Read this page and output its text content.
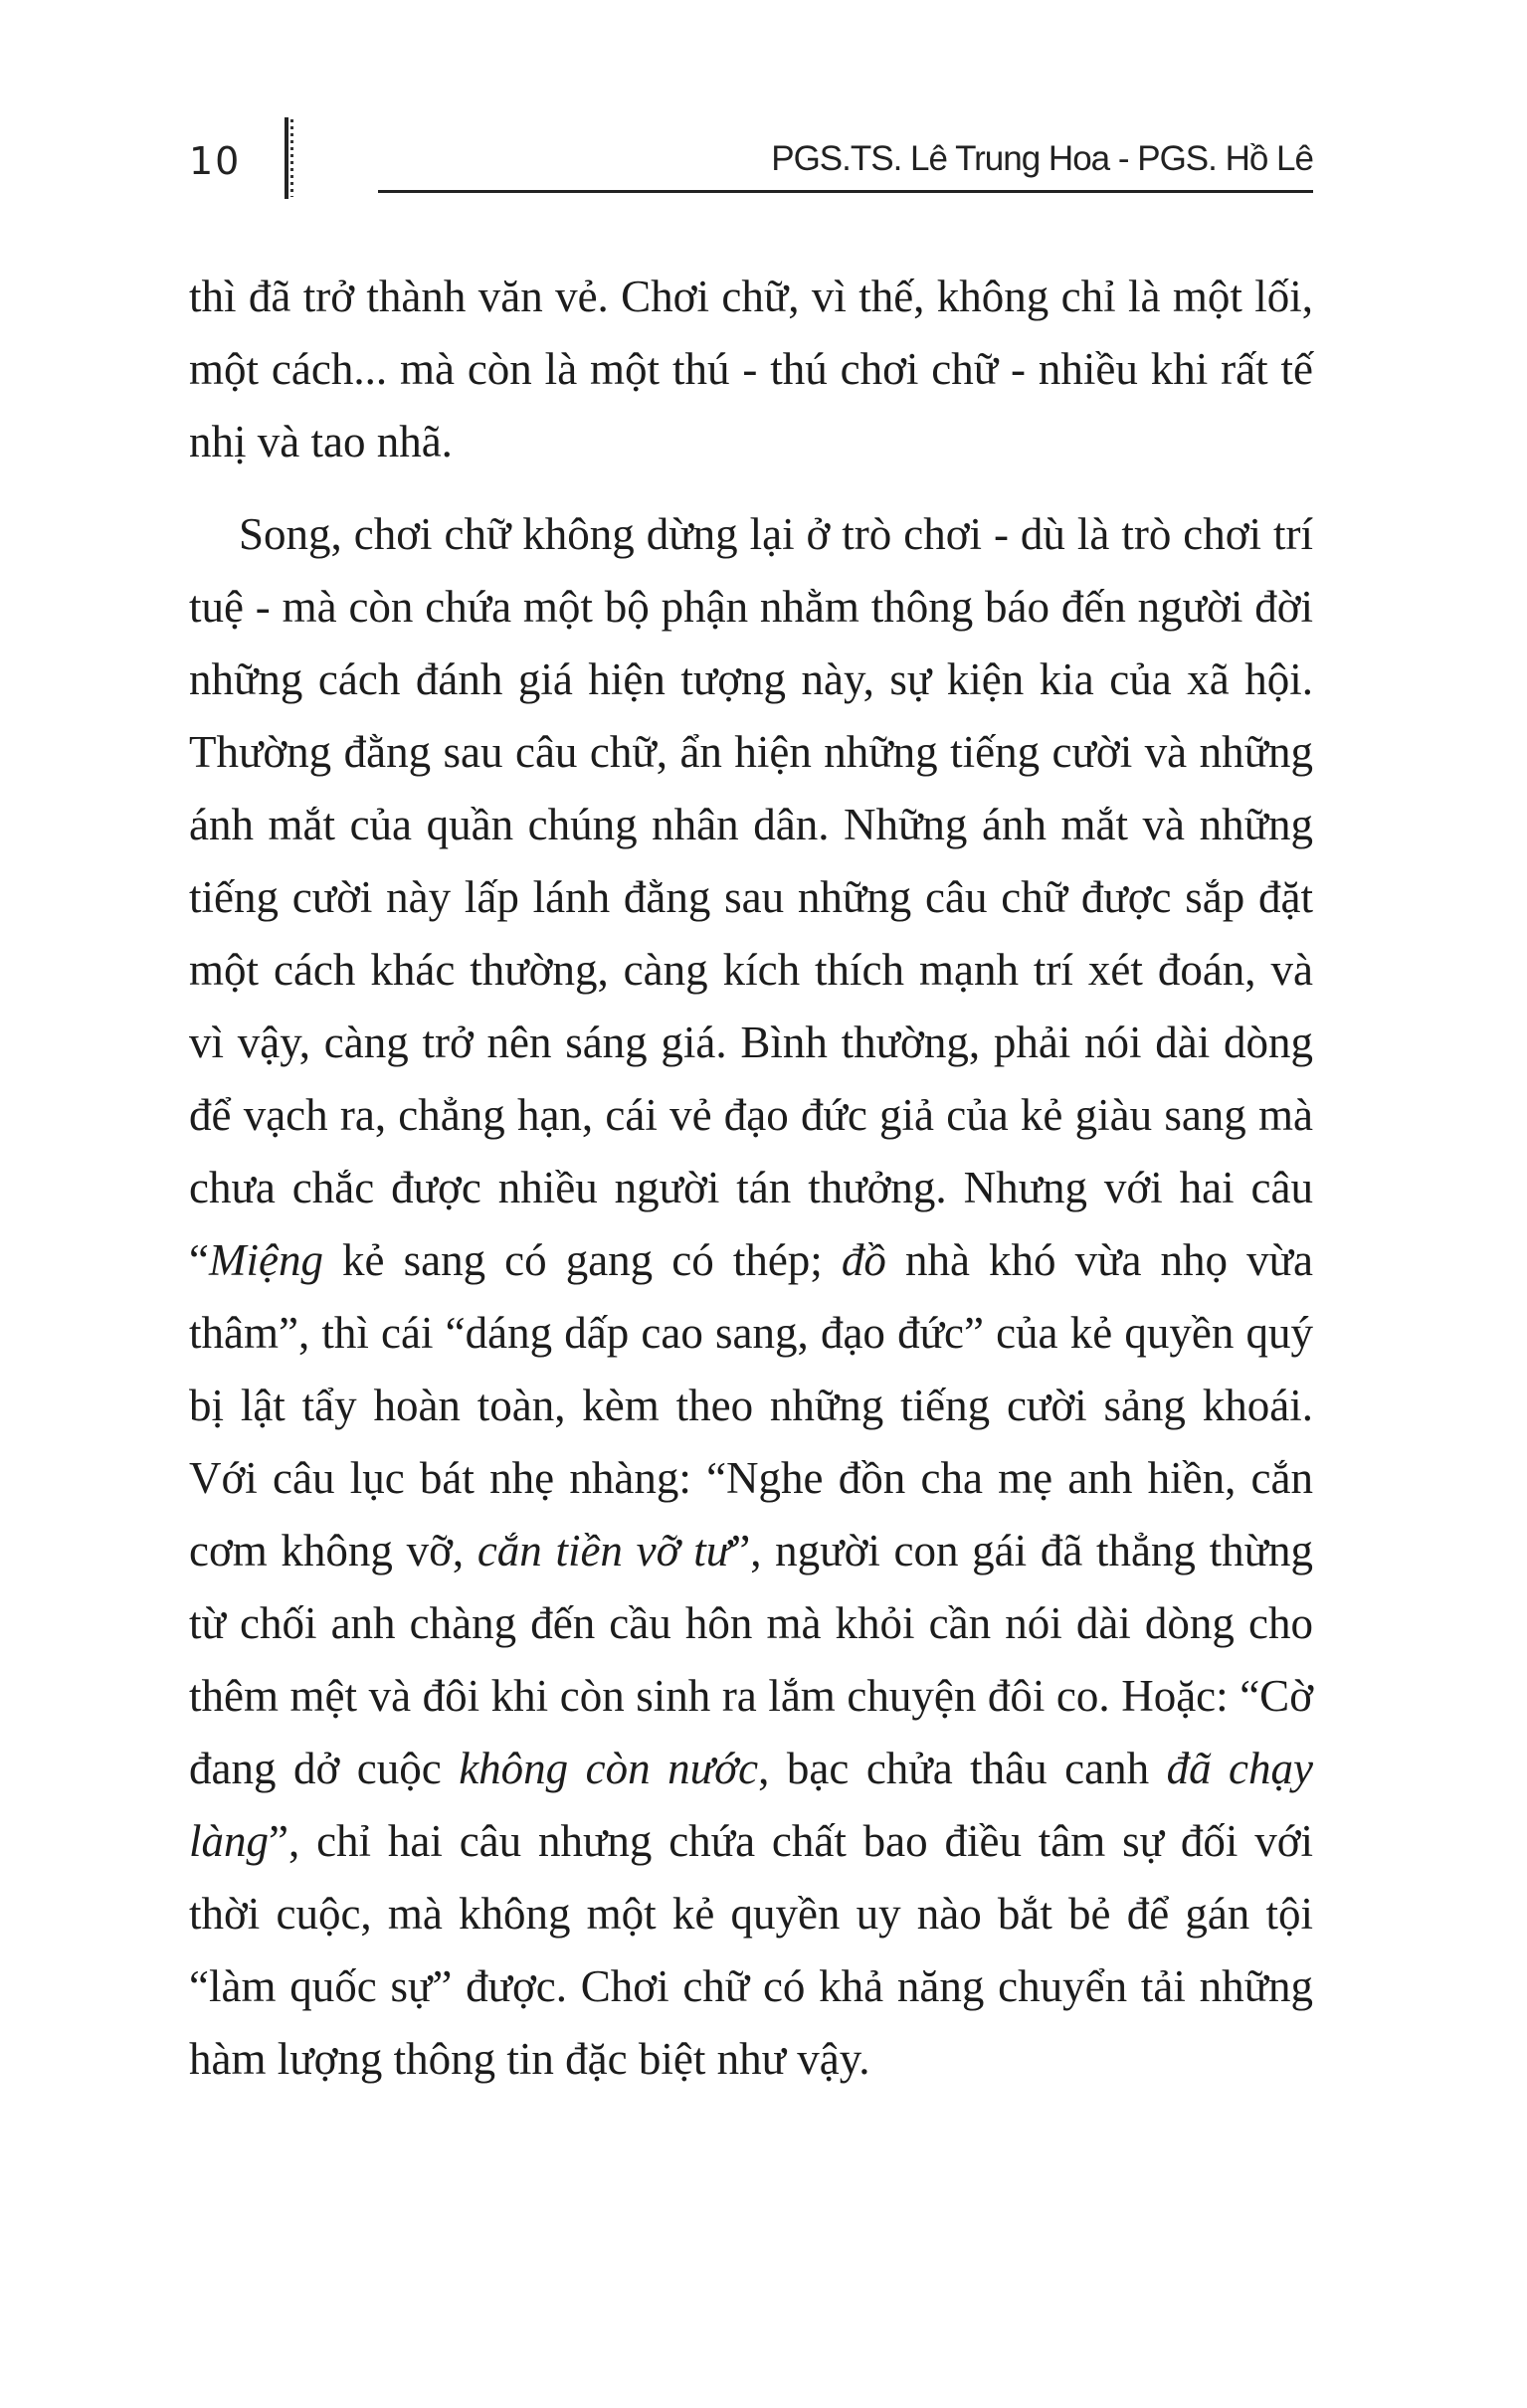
10	PGS.TS. Lê Trung Hoa - PGS. Hồ Lê

thì đã trở thành văn vẻ. Chơi chữ, vì thế, không chỉ là một lối, một cách... mà còn là một thú - thú chơi chữ - nhiều khi rất tế nhị và tao nhã.

Song, chơi chữ không dừng lại ở trò chơi - dù là trò chơi trí tuệ - mà còn chứa một bộ phận nhằm thông báo đến người đời những cách đánh giá hiện tượng này, sự kiện kia của xã hội. Thường đằng sau câu chữ, ẩn hiện những tiếng cười và những ánh mắt của quần chúng nhân dân. Những ánh mắt và những tiếng cười này lấp lánh đằng sau những câu chữ được sắp đặt một cách khác thường, càng kích thích mạnh trí xét đoán, và vì vậy, càng trở nên sáng giá. Bình thường, phải nói dài dòng để vạch ra, chẳng hạn, cái vẻ đạo đức giả của kẻ giàu sang mà chưa chắc được nhiều người tán thưởng. Nhưng với hai câu “Miệng kẻ sang có gang có thép; đồ nhà khó vừa nhọ vừa thâm”, thì cái “dáng dấp cao sang, đạo đức” của kẻ quyền quý bị lật tẩy hoàn toàn, kèm theo những tiếng cười sảng khoái. Với câu lục bát nhẹ nhàng: “Nghe đồn cha mẹ anh hiền, cắn cơm không vỡ, cắn tiền vỡ tư”, người con gái đã thẳng thừng từ chối anh chàng đến cầu hôn mà khỏi cần nói dài dòng cho thêm mệt và đôi khi còn sinh ra lắm chuyện đôi co. Hoặc: “Cờ đang dở cuộc không còn nước, bạc chửa thâu canh đã chạy làng”, chỉ hai câu nhưng chứa chất bao điều tâm sự đối với thời cuộc, mà không một kẻ quyền uy nào bắt bẻ để gán tội “làm quốc sự” được. Chơi chữ có khả năng chuyển tải những hàm lượng thông tin đặc biệt như vậy.
